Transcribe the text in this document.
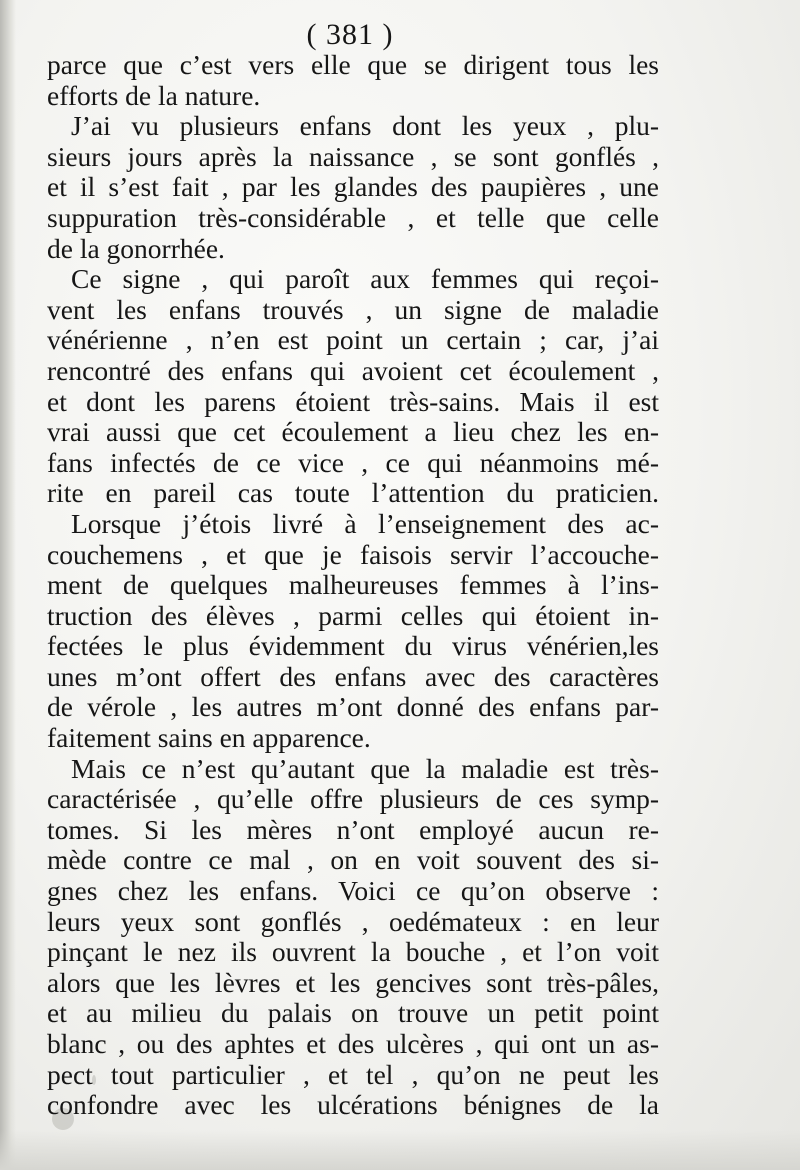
( 381 )
parce que c’est vers elle que se dirigent tous les
efforts de la nature.
J’ai vu plusieurs enfans dont les yeux , plu-
sieurs jours après la naissance , se sont gonflés ,
et il s’est fait , par les glandes des paupières , une
suppuration très-considérable , et telle que celle
de la gonorrhée.
Ce signe , qui paroît aux femmes qui reçoi-
vent les enfans trouvés , un signe de maladie
vénérienne , n’en est point un certain ; car, j’ai
rencontré des enfans qui avoient cet écoulement ,
et dont les parens étoient très-sains. Mais il est
vrai aussi que cet écoulement a lieu chez les en-
fans infectés de ce vice , ce qui néanmoins mé-
rite en pareil cas toute l’attention du praticien.
Lorsque j’étois livré à l’enseignement des ac-
couchemens , et que je faisois servir l’accouche-
ment de quelques malheureuses femmes à l’ins-
truction des élèves , parmi celles qui étoient in-
fectées le plus évidemment du virus vénérien,les
unes m’ont offert des enfans avec des caractères
de vérole , les autres m’ont donné des enfans par-
faitement sains en apparence.
Mais ce n’est qu’autant que la maladie est très-
caractérisée , qu’elle offre plusieurs de ces symp-
tomes. Si les mères n’ont employé aucun re-
mède contre ce mal , on en voit souvent des si-
gnes chez les enfans. Voici ce qu’on observe :
leurs yeux sont gonflés , oedémateux : en leur
pinçant le nez ils ouvrent la bouche , et l’on voit
alors que les lèvres et les gencives sont très-pâles,
et au milieu du palais on trouve un petit point
blanc , ou des aphtes et des ulcères , qui ont un as-
pect tout particulier , et tel , qu’on ne peut les
confondre avec les ulcérations bénignes de la
